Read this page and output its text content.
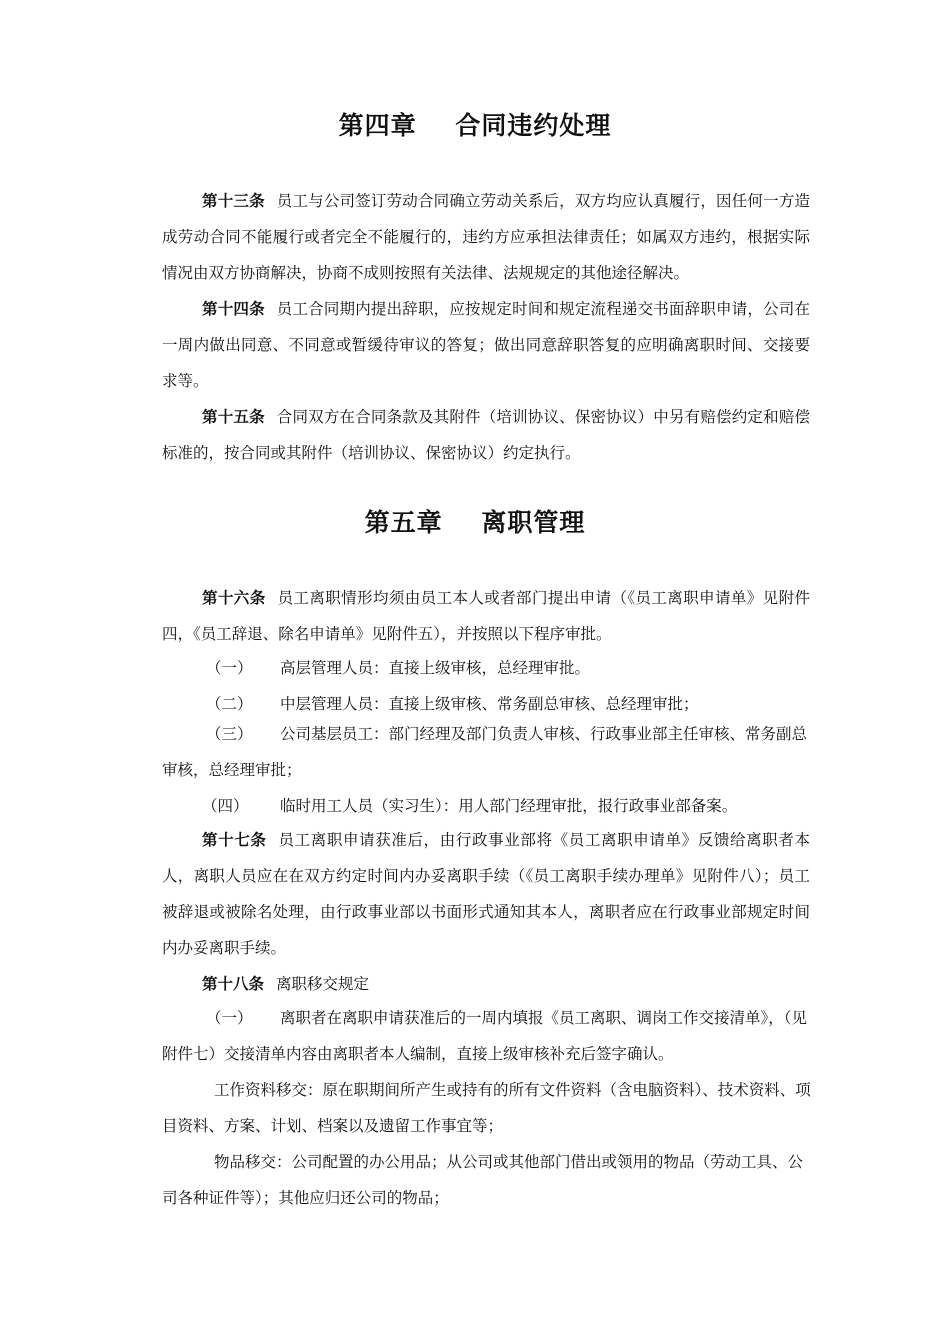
第四章    合同违约处理
第十三条 员工与公司签订劳动合同确立劳动关系后，双方均应认真履行，因任何一方造成劳动合同不能履行或者完全不能履行的，违约方应承担法律责任；如属双方违约，根据实际情况由双方协商解决，协商不成则按照有关法律、法规规定的其他途径解决。
第十四条 员工合同期内提出辞职，应按规定时间和规定流程递交书面辞职申请，公司在一周内做出同意、不同意或暂缓待审议的答复；做出同意辞职答复的应明确离职时间、交接要求等。
第十五条 合同双方在合同条款及其附件（培训协议、保密协议）中另有赔偿约定和赔偿标准的，按合同或其附件（培训协议、保密协议）约定执行。
第五章    离职管理
第十六条 员工离职情形均须由员工本人或者部门提出申请（《员工离职申请单》见附件四，《员工辞退、除名申请单》见附件五），并按照以下程序审批。
（一）	高层管理人员：直接上级审核，总经理审批。
（二）	中层管理人员：直接上级审核、常务副总审核、总经理审批；
（三）	公司基层员工：部门经理及部门负责人审核、行政事业部主任审核、常务副总审核，总经理审批；
（四）	临时用工人员（实习生）：用人部门经理审批，报行政事业部备案。
第十七条 员工离职申请获准后，由行政事业部将《员工离职申请单》反馈给离职者本人，离职人员应在在双方约定时间内办妥离职手续（《员工离职手续办理单》见附件八）；员工被辞退或被除名处理，由行政事业部以书面形式通知其本人，离职者应在行政事业部规定时间内办妥离职手续。
第十八条 离职移交规定
（一）	离职者在离职申请获准后的一周内填报《员工离职、调岗工作交接清单》，（见附件七）交接清单内容由离职者本人编制，直接上级审核补充后签字确认。
工作资料移交：原在职期间所产生或持有的所有文件资料（含电脑资料）、技术资料、项目资料、方案、计划、档案以及遗留工作事宜等；
物品移交：公司配置的办公用品；从公司或其他部门借出或领用的物品（劳动工具、公司各种证件等）；其他应归还公司的物品；
